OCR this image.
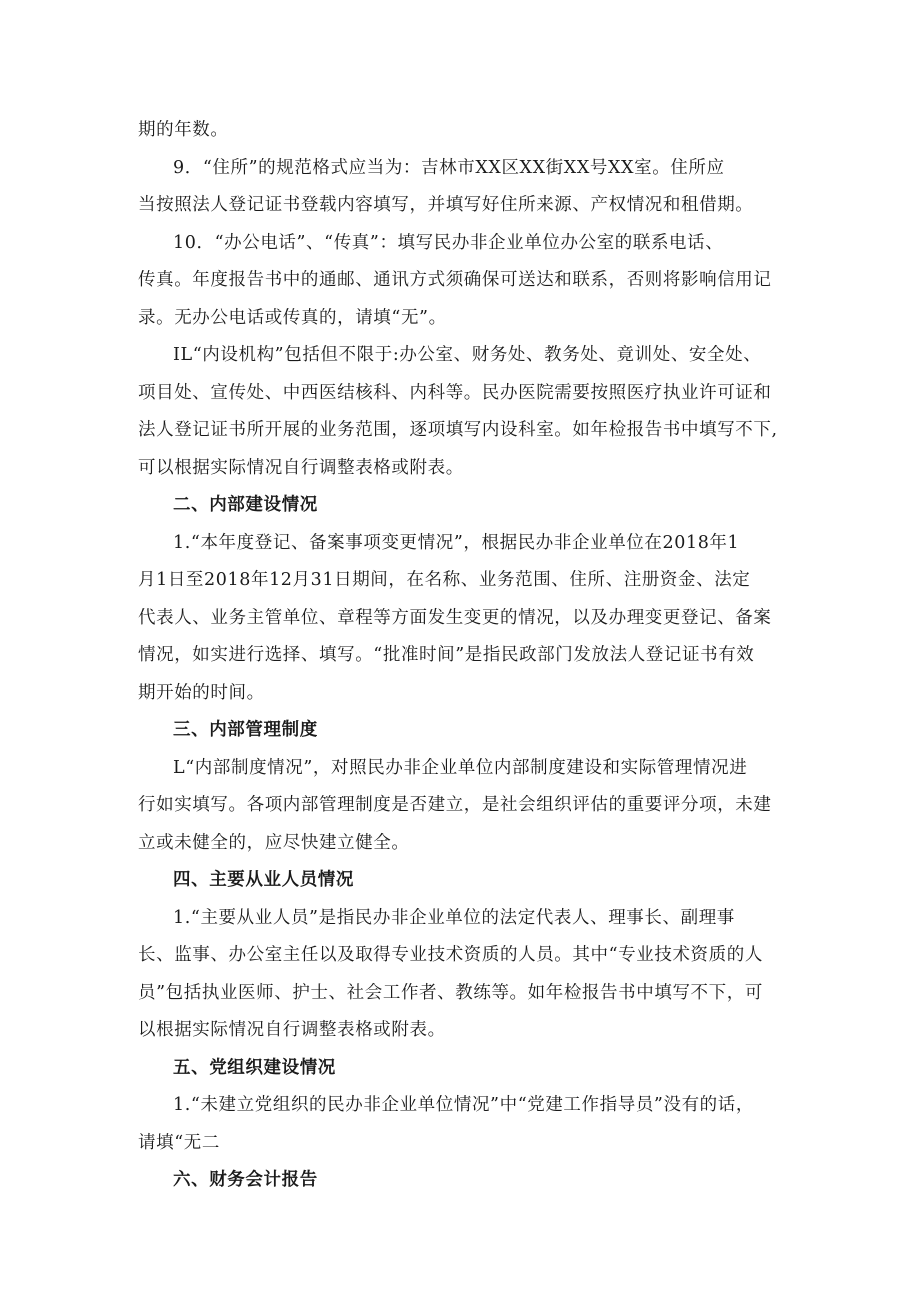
期的年数。
9．“住所”的规范格式应当为：吉林市XX区XX街XX号XX室。住所应
当按照法人登记证书登载内容填写，并填写好住所来源、产权情况和租借期。
10．“办公电话”、“传真”：填写民办非企业单位办公室的联系电话、
传真。年度报告书中的通邮、通讯方式须确保可送达和联系，否则将影响信用记
录。无办公电话或传真的，请填“无”。
IL“内设机构”包括但不限于:办公室、财务处、教务处、竟训处、安全处、
项目处、宣传处、中西医结核科、内科等。民办医院需要按照医疗执业许可证和
法人登记证书所开展的业务范围，逐项填写内设科室。如年检报告书中填写不下,
可以根据实际情况自行调整表格或附表。
二、内部建设情况
1.“本年度登记、备案事项变更情况”，根据民办非企业单位在2018年1
月1日至2018年12月31日期间，在名称、业务范围、住所、注册资金、法定
代表人、业务主管单位、章程等方面发生变更的情况，以及办理变更登记、备案
情况，如实进行选择、填写。“批准时间”是指民政部门发放法人登记证书有效
期开始的时间。
三、内部管理制度
L“内部制度情况”，对照民办非企业单位内部制度建设和实际管理情况进
行如实填写。各项内部管理制度是否建立，是社会组织评估的重要评分项，未建
立或未健全的，应尽快建立健全。
四、主要从业人员情况
1.“主要从业人员”是指民办非企业单位的法定代表人、理事长、副理事
长、监事、办公室主任以及取得专业技术资质的人员。其中“专业技术资质的人
员”包括执业医师、护士、社会工作者、教练等。如年检报告书中填写不下，可
以根据实际情况自行调整表格或附表。
五、党组织建设情况
1.“未建立党组织的民办非企业单位情况”中“党建工作指导员”没有的话，
请填“无二
六、财务会计报告
